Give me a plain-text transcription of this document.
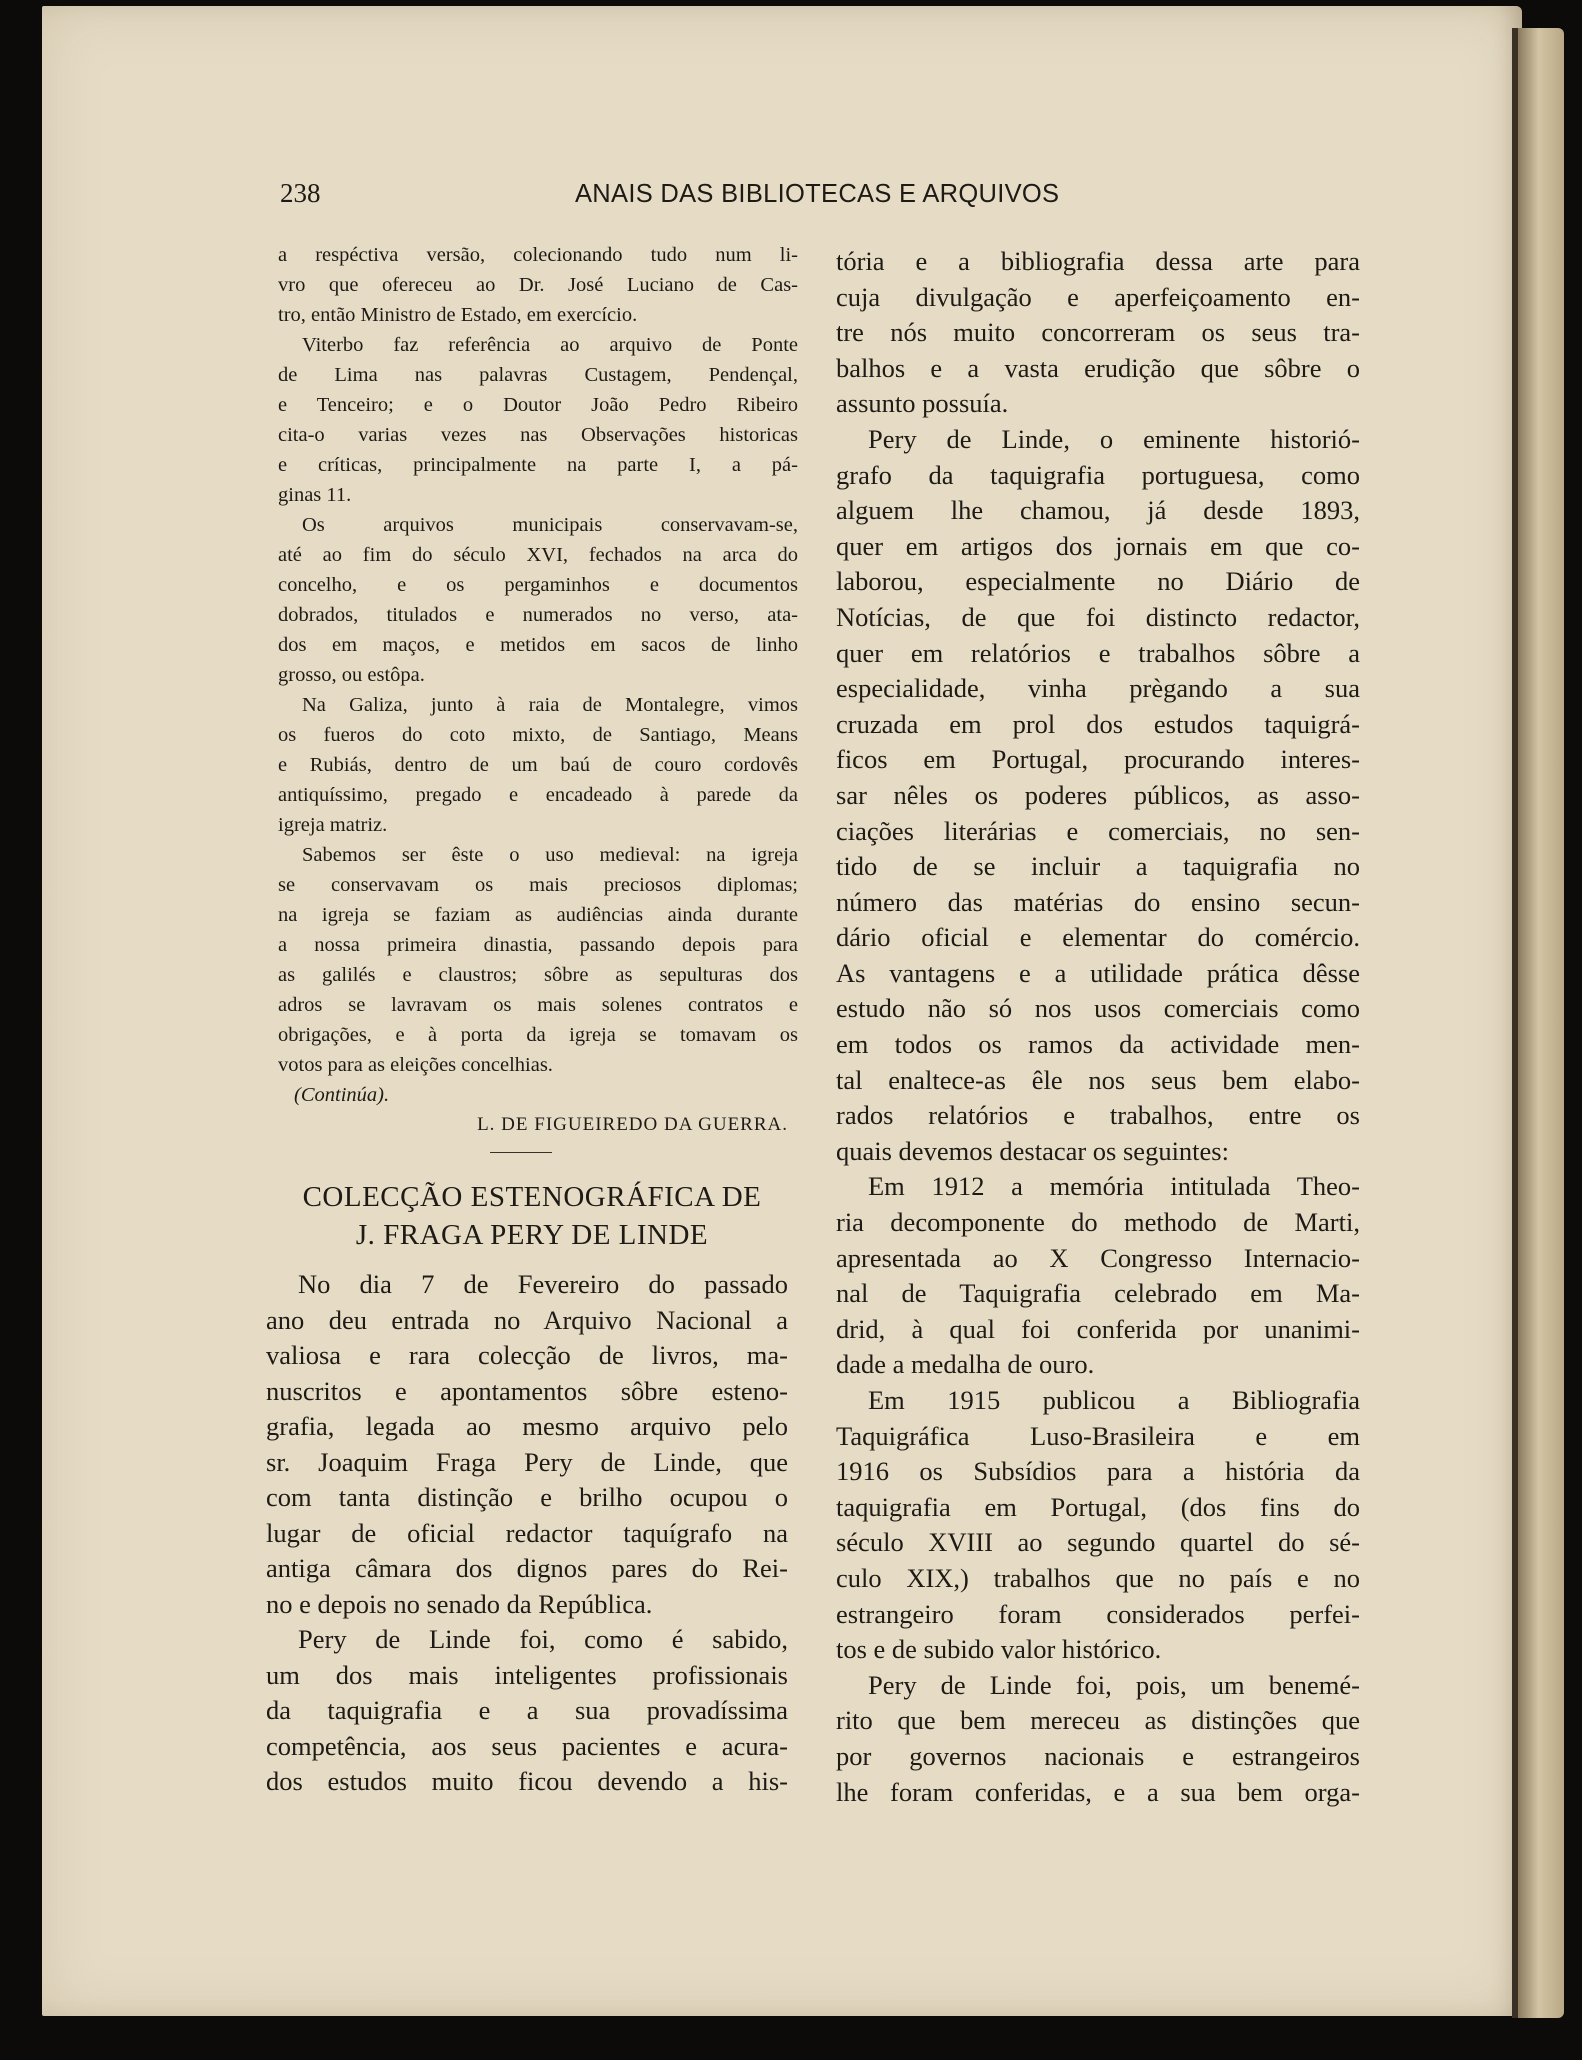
238	ANAIS DAS BIBLIOTECAS E ARQUIVOS

a respéctiva versão, colecionando tudo num li-

vro que ofereceu ao Dr. José Luciano de Cas-

tro, então Ministro de Estado, em exercício.

Viterbo faz referência ao arquivo de Ponte

de Lima nas palavras Custagem, Pendençal,

e Tenceiro; e o Doutor João Pedro Ribeiro

cita-o varias vezes nas Observações historicas

e críticas, principalmente na parte I, a pá-

ginas 11.

Os arquivos municipais conservavam-se,

até ao fim do século XVI, fechados na arca do

concelho, e os pergaminhos e documentos

dobrados, titulados e numerados no verso, ata-

dos em maços, e metidos em sacos de linho

grosso, ou estôpa.

Na Galiza, junto à raia de Montalegre, vimos

os fueros do coto mixto, de Santiago, Means

e Rubiás, dentro de um baú de couro cordovês

antiquíssimo, pregado e encadeado à parede da

igreja matriz.

Sabemos ser êste o uso medieval: na igreja

se conservavam os mais preciosos diplomas;

na igreja se faziam as audiências ainda durante

a nossa primeira dinastia, passando depois para

as galilés e claustros; sôbre as sepulturas dos

adros se lavravam os mais solenes contratos e

obrigações, e à porta da igreja se tomavam os

votos para as eleições concelhias.

(Continúa).

L. DE FIGUEIREDO DA GUERRA.

COLECÇÃO ESTENOGRÁFICA DE
J. FRAGA PERY DE LINDE

No dia 7 de Fevereiro do passado

ano deu entrada no Arquivo Nacional a

valiosa e rara colecção de livros, ma-

nuscritos e apontamentos sôbre esteno-

grafia, legada ao mesmo arquivo pelo

sr. Joaquim Fraga Pery de Linde, que

com tanta distinção e brilho ocupou o

lugar de oficial redactor taquígrafo na

antiga câmara dos dignos pares do Rei-

no e depois no senado da República.

Pery de Linde foi, como é sabido,

um dos mais inteligentes profissionais

da taquigrafia e a sua provadíssima

competência, aos seus pacientes e acura-

dos estudos muito ficou devendo a his-

tória e a bibliografia dessa arte para

cuja divulgação e aperfeiçoamento en-

tre nós muito concorreram os seus tra-

balhos e a vasta erudição que sôbre o

assunto possuía.

Pery de Linde, o eminente historió-

grafo da taquigrafia portuguesa, como

alguem lhe chamou, já desde 1893,

quer em artigos dos jornais em que co-

laborou, especialmente no Diário de

Notícias, de que foi distincto redactor,

quer em relatórios e trabalhos sôbre a

especialidade, vinha prègando a sua

cruzada em prol dos estudos taquigrá-

ficos em Portugal, procurando interes-

sar nêles os poderes públicos, as asso-

ciações literárias e comerciais, no sen-

tido de se incluir a taquigrafia no

número das matérias do ensino secun-

dário oficial e elementar do comércio.

As vantagens e a utilidade prática dêsse

estudo não só nos usos comerciais como

em todos os ramos da actividade men-

tal enaltece-as êle nos seus bem elabo-

rados relatórios e trabalhos, entre os

quais devemos destacar os seguintes:

Em 1912 a memória intitulada Theo-

ria decomponente do methodo de Marti,

apresentada ao X Congresso Internacio-

nal de Taquigrafia celebrado em Ma-

drid, à qual foi conferida por unanimi-

dade a medalha de ouro.

Em 1915 publicou a Bibliografia

Taquigráfica Luso-Brasileira e em

1916 os Subsídios para a história da

taquigrafia em Portugal, (dos fins do

século XVIII ao segundo quartel do sé-

culo XIX,) trabalhos que no país e no

estrangeiro foram considerados perfei-

tos e de subido valor histórico.

Pery de Linde foi, pois, um benemé-

rito que bem mereceu as distinções que

por governos nacionais e estrangeiros

lhe foram conferidas, e a sua bem orga-
